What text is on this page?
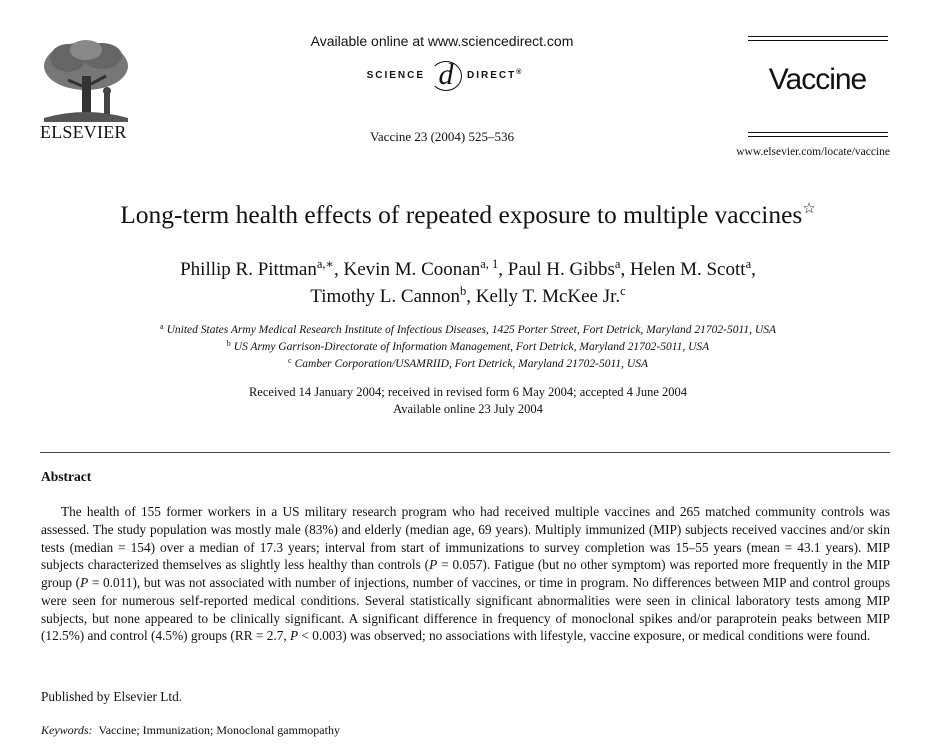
ELSEVIER
Available online at www.sciencedirect.com
SCIENCE d	DIRECT®
Vaccine 23 (2004) 525–536
Vaccine
www.elsevier.com/locate/vaccine
Long-term health effects of repeated exposure to multiple vaccines☆
Phillip R. Pittman$^{a,∗}$, Kevin M. Coonan$^{a, 1}$, Paul H. Gibbs$^a$, Helen M. Scott$^a$,
Timothy L. Cannon$^b$, Kelly T. McKee Jr.$^c$
$^a$ United States Army Medical Research Institute of Infectious Diseases, 1425 Porter Street, Fort Detrick, Maryland 21702-5011, USA
$^b$ US Army Garrison-Directorate of Information Management, Fort Detrick, Maryland 21702-5011, USA
$^c$ Camber Corporation/USAMRIID, Fort Detrick, Maryland 21702-5011, USA
Received 14 January 2004; received in revised form 6 May 2004; accepted 4 June 2004
Available online 23 July 2004
Abstract

The health of 155 former workers in a US military research program who had received multiple vaccines and 265 matched community controls was assessed. The study population was mostly male (83%) and elderly (median age, 69 years). Multiply immunized (MIP) subjects received vaccines and/or skin tests (median = 154) over a median of 17.3 years; interval from start of immunizations to survey completion was 15–55 years (mean = 43.1 years). MIP subjects characterized themselves as slightly less healthy than controls (P = 0.057). Fatigue (but no other symptom) was reported more frequently in the MIP group (P = 0.011), but was not associated with number of injections, number of vaccines, or time in program. No differences between MIP and control groups were seen for numerous self-reported medical conditions. Several statistically significant abnormalities were seen in clinical laboratory tests among MIP subjects, but none appeared to be clinically significant. A significant difference in frequency of monoclonal spikes and/or paraprotein peaks between MIP (12.5%) and control (4.5%) groups (RR = 2.7, P < 0.003) was observed; no associations with lifestyle, vaccine exposure, or medical conditions were found.

Published by Elsevier Ltd.
Keywords: Vaccine; Immunization; Monoclonal gammopathy
